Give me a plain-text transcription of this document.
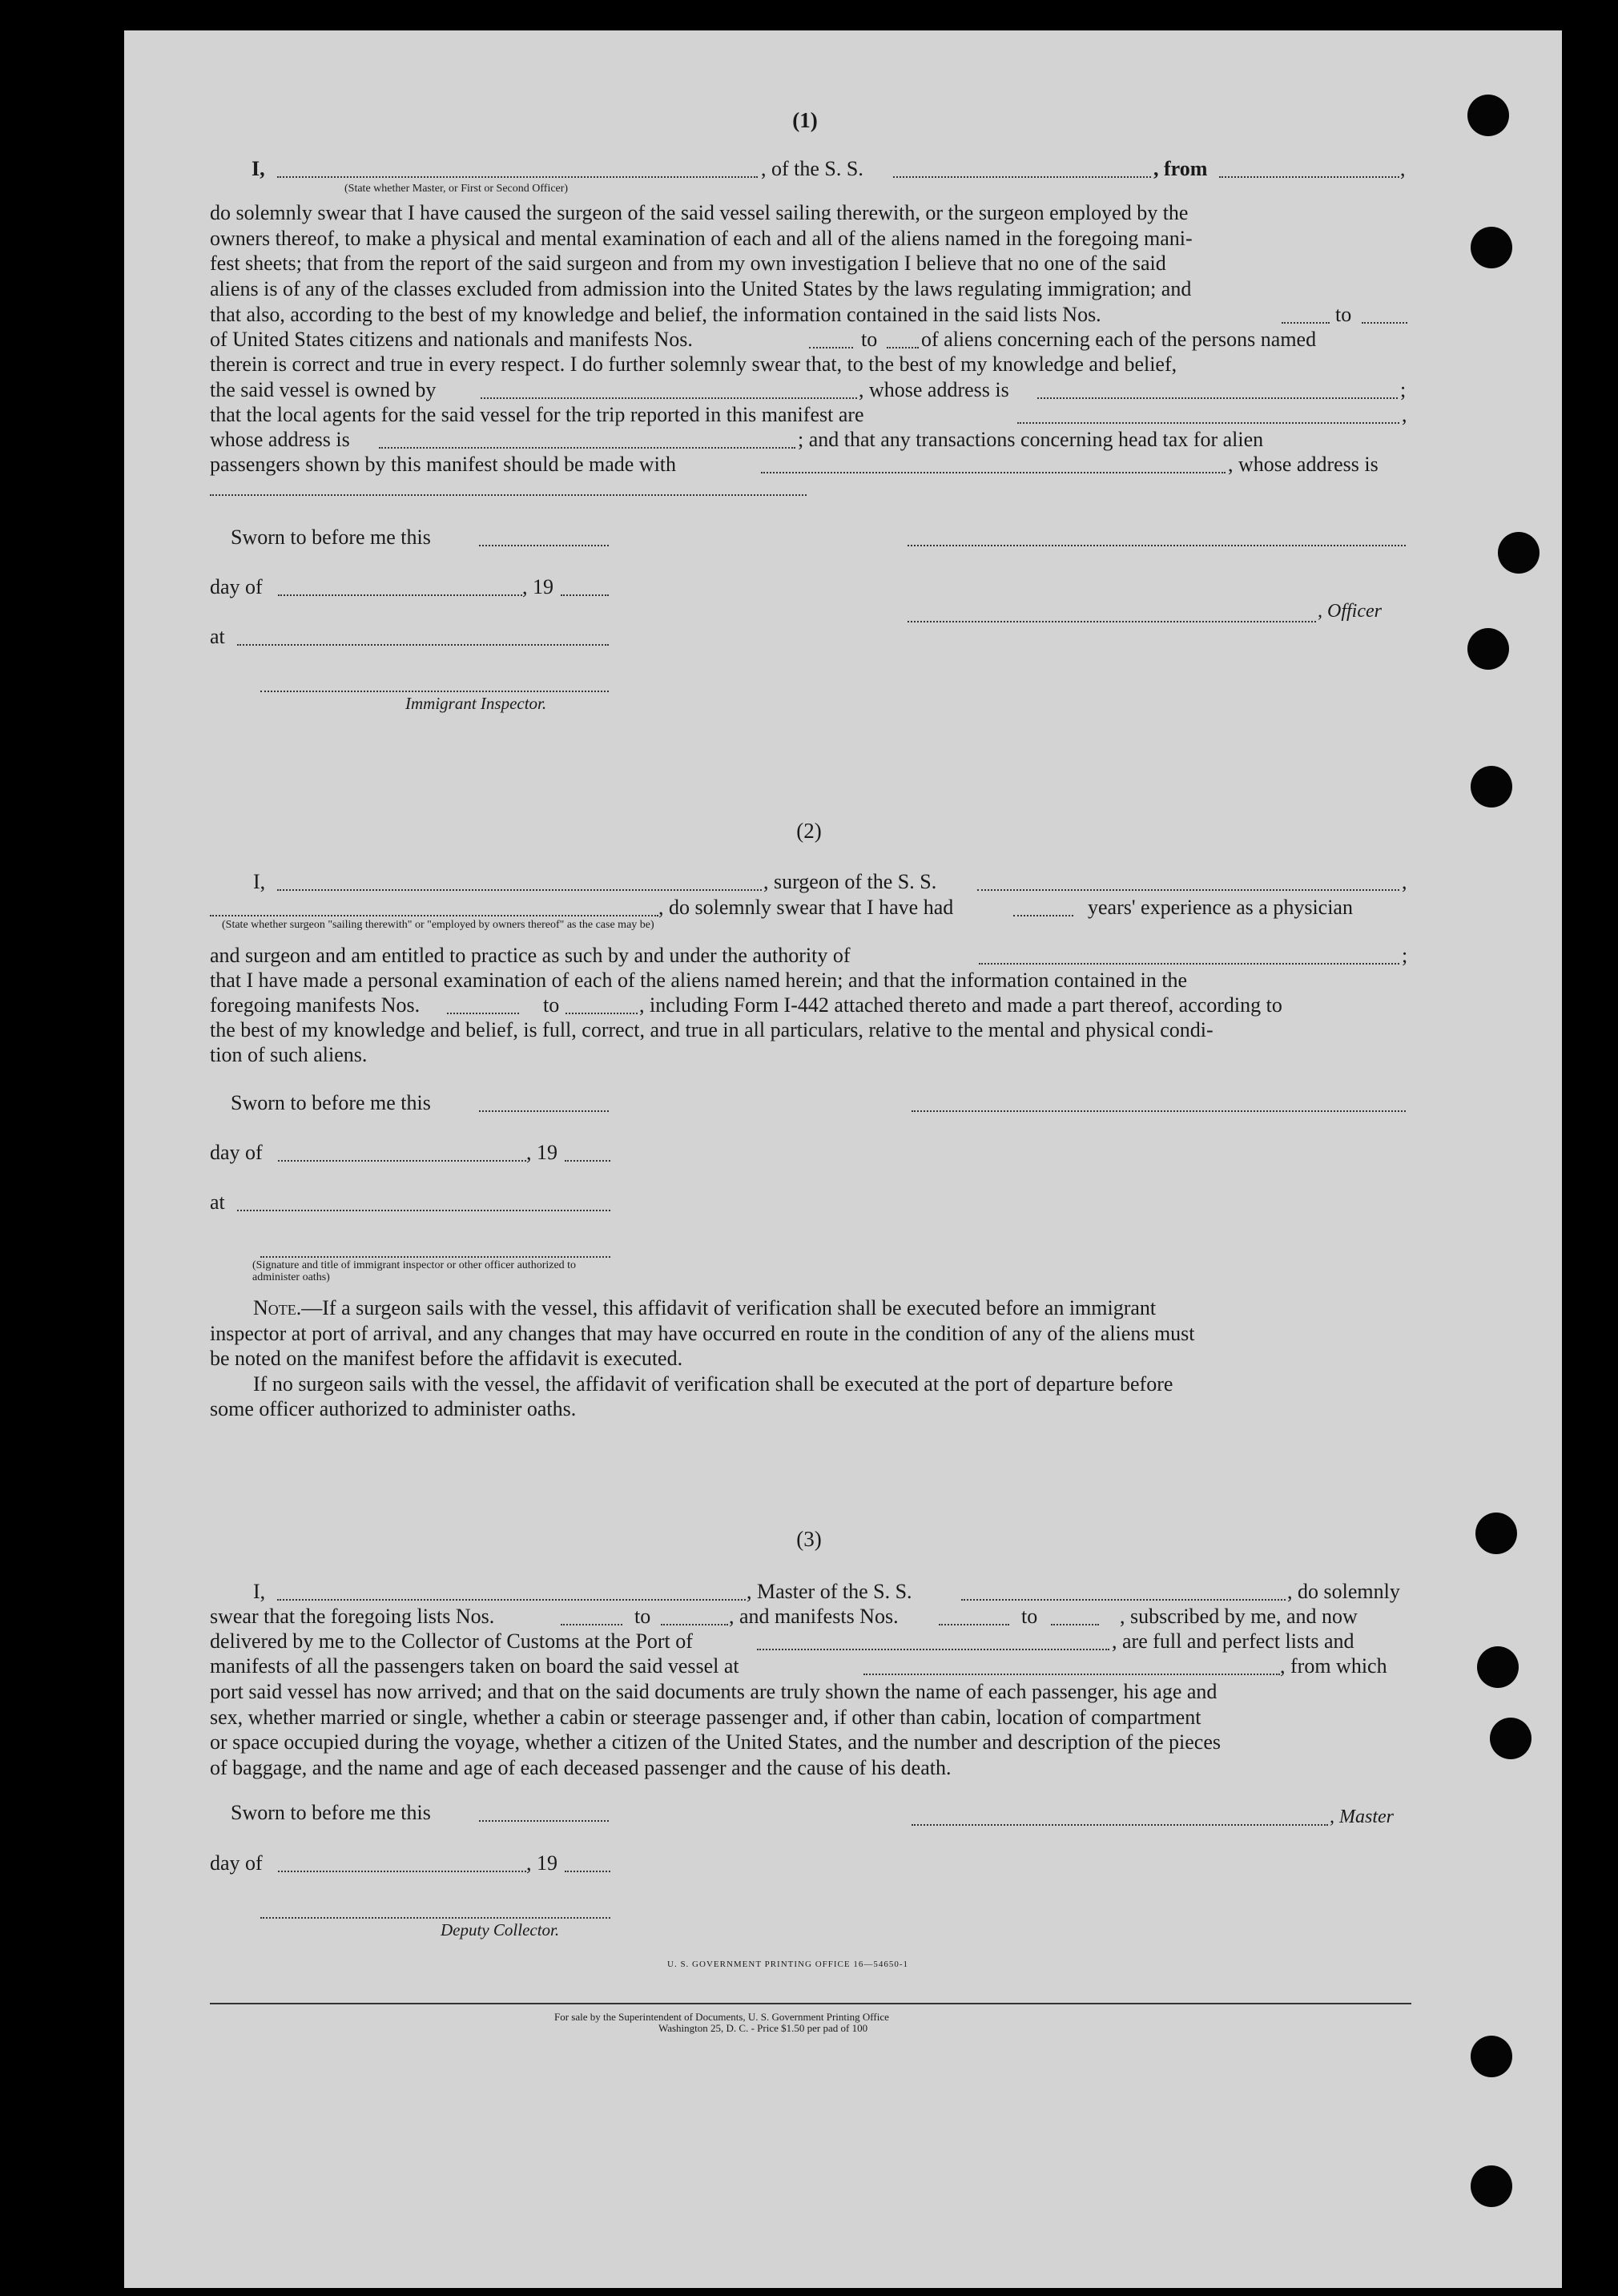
(1)
I,	, of the S. S.	, from	,
(State whether Master, or First or Second Officer)

do solemnly swear that I have caused the surgeon of the said vessel sailing therewith, or the surgeon employed by the

owners thereof, to make a physical and mental examination of each and all of the aliens named in the foregoing mani-

fest sheets; that from the report of the said surgeon and from my own investigation I believe that no one of the said

aliens is of any of the classes excluded from admission into the United States by the laws regulating immigration; and

that also, according to the best of my knowledge and belief, the information contained in the said lists Nos.	to
of United States citizens and nationals and manifests Nos.	to of aliens concerning each of the persons named
therein is correct and true in every respect. I do further solemnly swear that, to the best of my knowledge and belief,
the said vessel is owned by	, whose address is	;
that the local agents for the said vessel for the trip reported in this manifest are	,
whose address is	; and that any transactions concerning head tax for alien
passengers shown by this manifest should be made with	, whose address is
Sworn to before me this
day of	, 19
, Officer
at
Immigrant Inspector.
(2)
I,	, surgeon of the S. S.	,
, do solemnly swear that I have had	years' experience as a physician
(State whether surgeon "sailing therewith" or "employed by owners thereof" as the case may be)
and surgeon and am entitled to practice as such by and under the authority of	;
that I have made a personal examination of each of the aliens named herein; and that the information contained in the
foregoing manifests Nos.	to	, including Form I-442 attached thereto and made a part thereof, according to
the best of my knowledge and belief, is full, correct, and true in all particulars, relative to the mental and physical condi-
tion of such aliens.
Sworn to before me this
day of	, 19
at
(Signature and title of immigrant inspector or other officer authorized to administer oaths)

Note.—If a surgeon sails with the vessel, this affidavit of verification shall be executed before an immigrant

inspector at port of arrival, and any changes that may have occurred en route in the condition of any of the aliens must

be noted on the manifest before the affidavit is executed.

If no surgeon sails with the vessel, the affidavit of verification shall be executed at the port of departure before

some officer authorized to administer oaths.

(3)
I,	, Master of the S. S.	, do solemnly
swear that the foregoing lists Nos.	to	, and manifests Nos.	to	, subscribed by me, and now
delivered by me to the Collector of Customs at the Port of	, are full and perfect lists and
manifests of all the passengers taken on board the said vessel at	, from which

port said vessel has now arrived; and that on the said documents are truly shown the name of each passenger, his age and

sex, whether married or single, whether a cabin or steerage passenger and, if other than cabin, location of compartment

or space occupied during the voyage, whether a citizen of the United States, and the number and description of the pieces

of baggage, and the name and age of each deceased passenger and the cause of his death.

Sworn to before me this	, Master
day of	, 19
Deputy Collector.
U. S. GOVERNMENT PRINTING OFFICE 16—54650-1
For sale by the Superintendent of Documents, U. S. Government Printing Office
Washington 25, D. C. - Price $1.50 per pad of 100
